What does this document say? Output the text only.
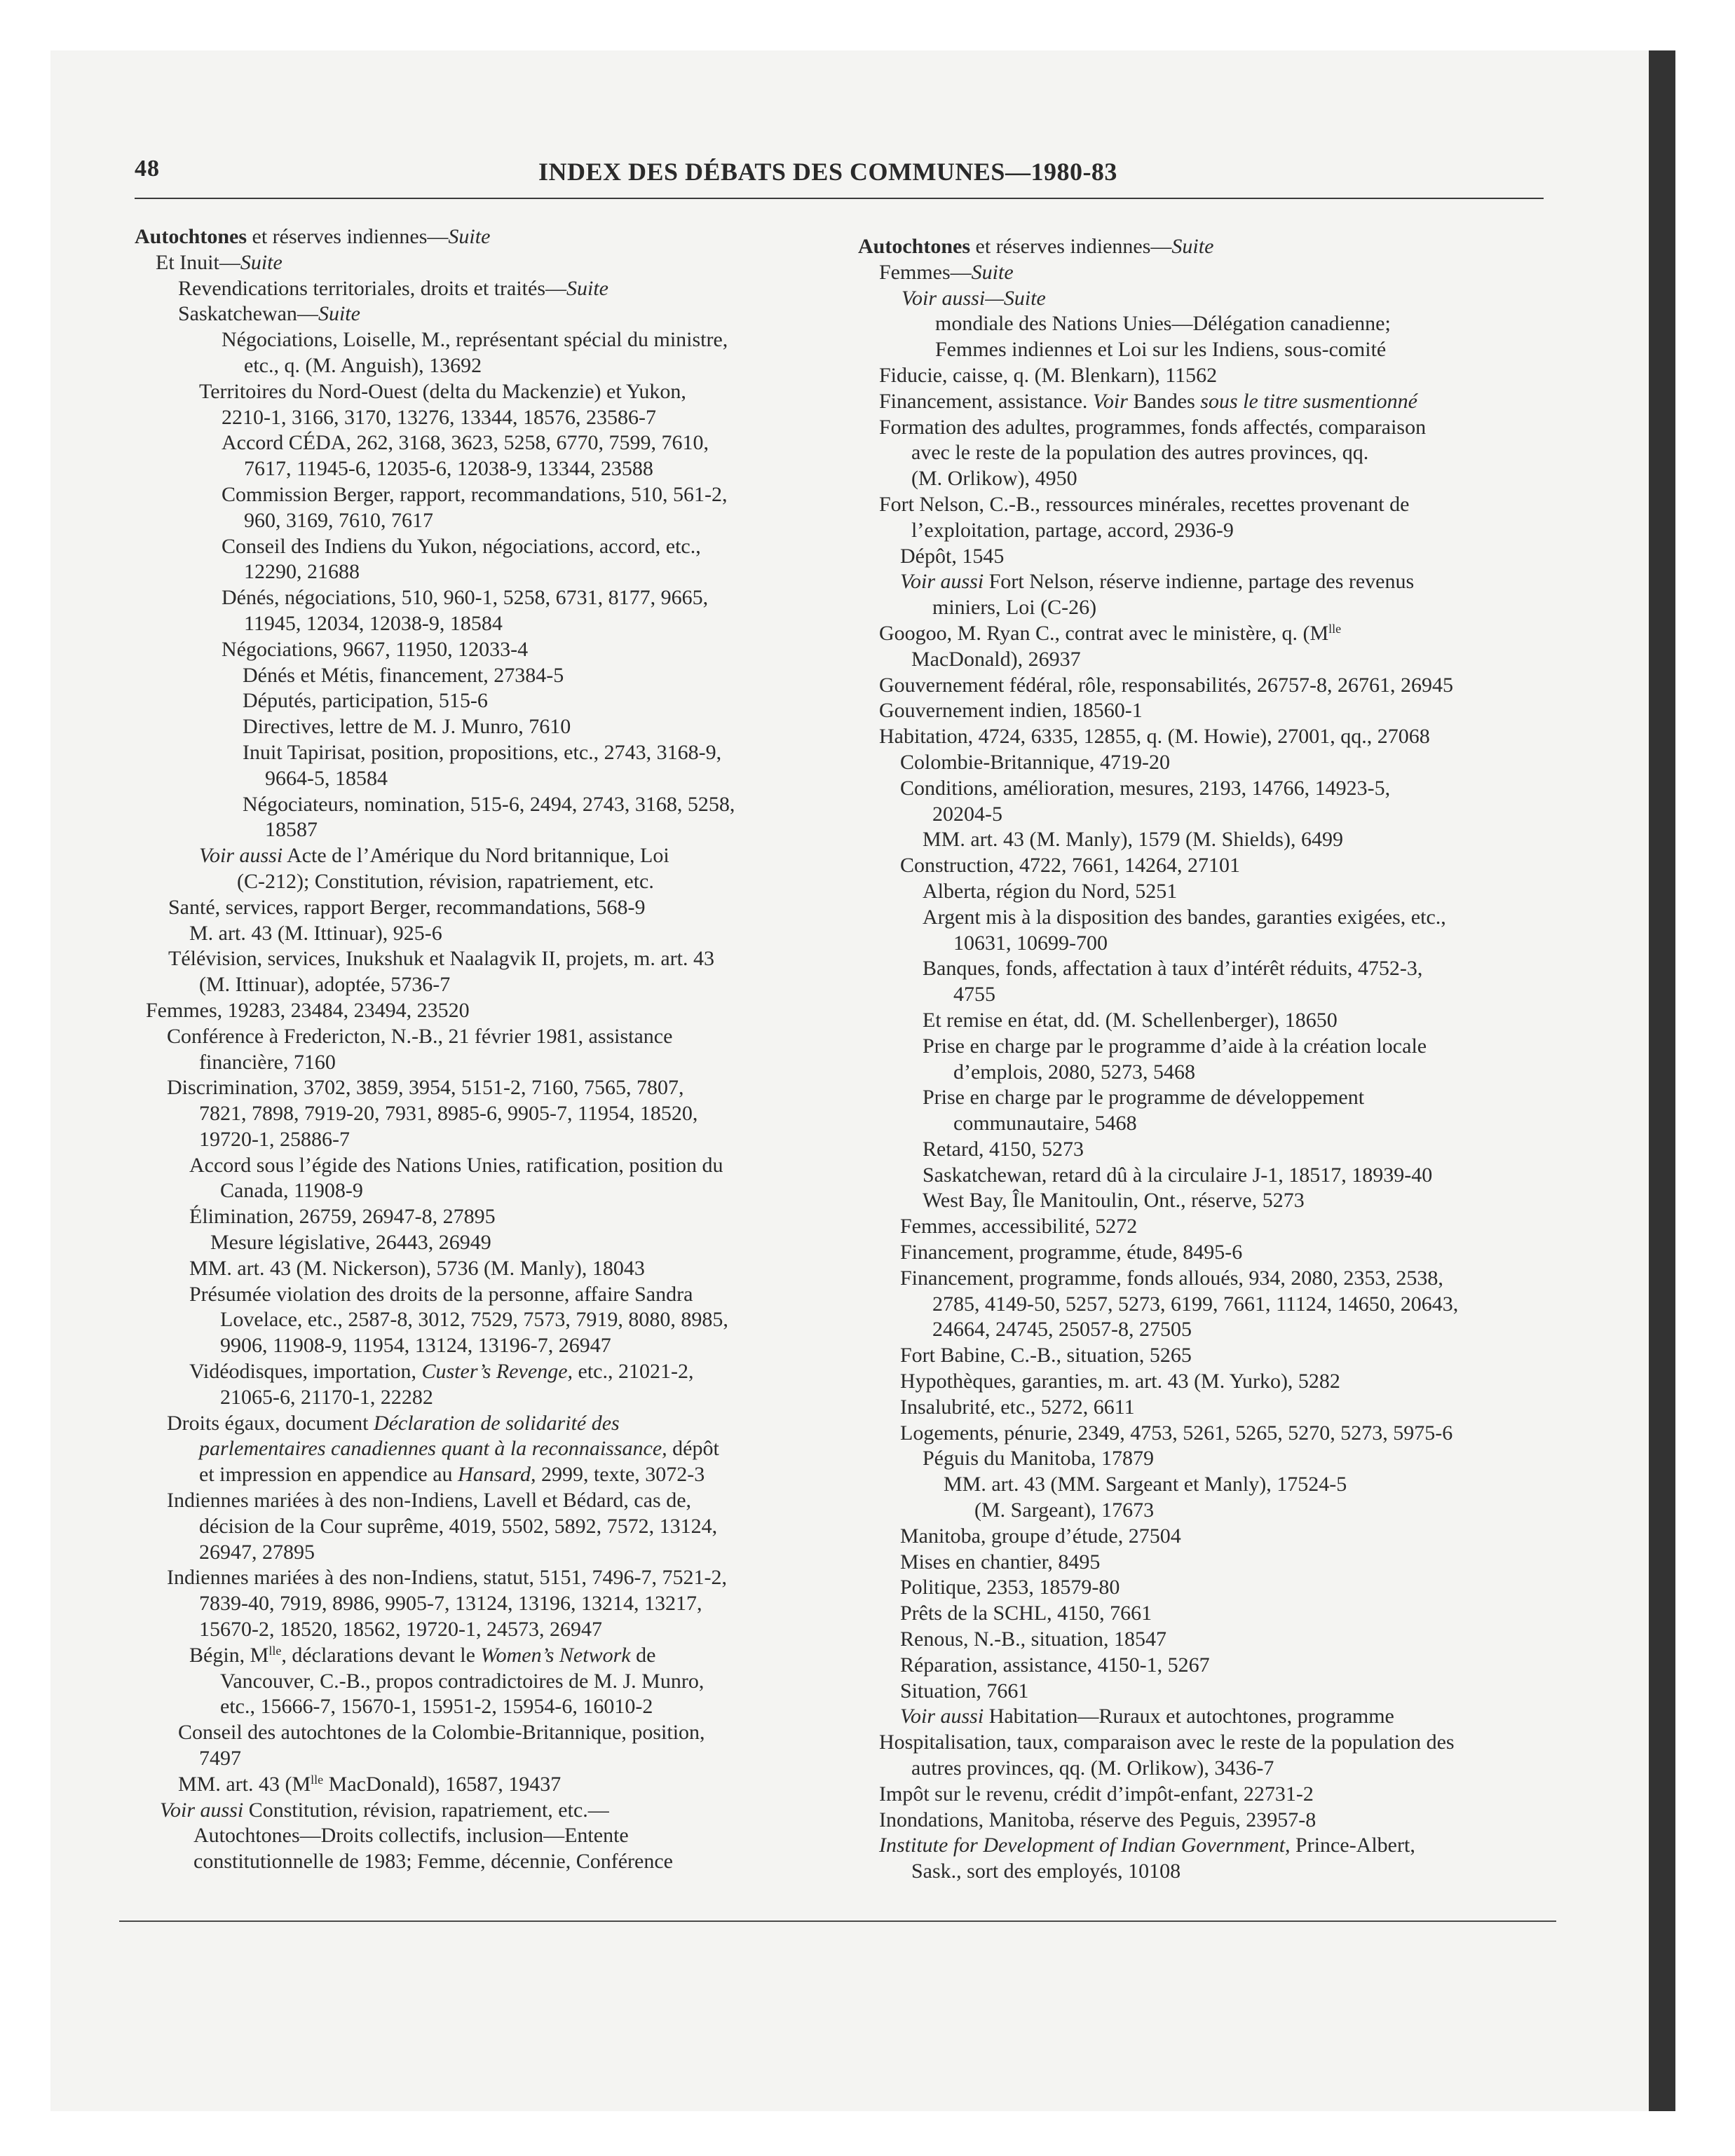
48	INDEX DES DÉBATS DES COMMUNES—1980-83

Autochtones et réserves indiennes—Suite

Et Inuit—Suite

Revendications territoriales, droits et traités—Suite

Saskatchewan—Suite

Négociations, Loiselle, M., représentant spécial du ministre,

etc., q. (M. Anguish), 13692

Territoires du Nord-Ouest (delta du Mackenzie) et Yukon,

2210-1, 3166, 3170, 13276, 13344, 18576, 23586-7

Accord CÉDA, 262, 3168, 3623, 5258, 6770, 7599, 7610,

7617, 11945-6, 12035-6, 12038-9, 13344, 23588

Commission Berger, rapport, recommandations, 510, 561-2,

960, 3169, 7610, 7617

Conseil des Indiens du Yukon, négociations, accord, etc.,

12290, 21688

Dénés, négociations, 510, 960-1, 5258, 6731, 8177, 9665,

11945, 12034, 12038-9, 18584

Négociations, 9667, 11950, 12033-4

Dénés et Métis, financement, 27384-5

Députés, participation, 515-6

Directives, lettre de M. J. Munro, 7610

Inuit Tapirisat, position, propositions, etc., 2743, 3168-9,

9664-5, 18584

Négociateurs, nomination, 515-6, 2494, 2743, 3168, 5258,

18587

Voir aussi Acte de l’Amérique du Nord britannique, Loi

(C-212); Constitution, révision, rapatriement, etc.

Santé, services, rapport Berger, recommandations, 568-9

M. art. 43 (M. Ittinuar), 925-6

Télévision, services, Inukshuk et Naalagvik II, projets, m. art. 43

(M. Ittinuar), adoptée, 5736-7

Femmes, 19283, 23484, 23494, 23520

Conférence à Fredericton, N.-B., 21 février 1981, assistance

financière, 7160

Discrimination, 3702, 3859, 3954, 5151-2, 7160, 7565, 7807,

7821, 7898, 7919-20, 7931, 8985-6, 9905-7, 11954, 18520,

19720-1, 25886-7

Accord sous l’égide des Nations Unies, ratification, position du

Canada, 11908-9

Élimination, 26759, 26947-8, 27895

Mesure législative, 26443, 26949

MM. art. 43 (M. Nickerson), 5736 (M. Manly), 18043

Présumée violation des droits de la personne, affaire Sandra

Lovelace, etc., 2587-8, 3012, 7529, 7573, 7919, 8080, 8985,

9906, 11908-9, 11954, 13124, 13196-7, 26947

Vidéodisques, importation, Custer’s Revenge, etc., 21021-2,

21065-6, 21170-1, 22282

Droits égaux, document Déclaration de solidarité des

parlementaires canadiennes quant à la reconnaissance, dépôt

et impression en appendice au Hansard, 2999, texte, 3072-3

Indiennes mariées à des non-Indiens, Lavell et Bédard, cas de,

décision de la Cour suprême, 4019, 5502, 5892, 7572, 13124,

26947, 27895

Indiennes mariées à des non-Indiens, statut, 5151, 7496-7, 7521-2,

7839-40, 7919, 8986, 9905-7, 13124, 13196, 13214, 13217,

15670-2, 18520, 18562, 19720-1, 24573, 26947

Bégin, $M^{lle}$, déclarations devant le Women’s Network de

Vancouver, C.-B., propos contradictoires de M. J. Munro,

etc., 15666-7, 15670-1, 15951-2, 15954-6, 16010-2

Conseil des autochtones de la Colombie-Britannique, position,

7497

MM. art. 43 ($M^{lle}$ MacDonald), 16587, 19437

Voir aussi Constitution, révision, rapatriement, etc.—

Autochtones—Droits collectifs, inclusion—Entente

constitutionnelle de 1983; Femme, décennie, Conférence

Autochtones et réserves indiennes—Suite

Femmes—Suite

Voir aussi—Suite

mondiale des Nations Unies—Délégation canadienne;

Femmes indiennes et Loi sur les Indiens, sous-comité

Fiducie, caisse, q. (M. Blenkarn), 11562

Financement, assistance. Voir Bandes sous le titre susmentionné

Formation des adultes, programmes, fonds affectés, comparaison

avec le reste de la population des autres provinces, qq.

(M. Orlikow), 4950

Fort Nelson, C.-B., ressources minérales, recettes provenant de

l’exploitation, partage, accord, 2936-9

Dépôt, 1545

Voir aussi Fort Nelson, réserve indienne, partage des revenus

miniers, Loi (C-26)

Googoo, M. Ryan C., contrat avec le ministère, q. ($M^{lle}$

MacDonald), 26937

Gouvernement fédéral, rôle, responsabilités, 26757-8, 26761, 26945

Gouvernement indien, 18560-1

Habitation, 4724, 6335, 12855, q. (M. Howie), 27001, qq., 27068

Colombie-Britannique, 4719-20

Conditions, amélioration, mesures, 2193, 14766, 14923-5,

20204-5

MM. art. 43 (M. Manly), 1579 (M. Shields), 6499

Construction, 4722, 7661, 14264, 27101

Alberta, région du Nord, 5251

Argent mis à la disposition des bandes, garanties exigées, etc.,

10631, 10699-700

Banques, fonds, affectation à taux d’intérêt réduits, 4752-3,

4755

Et remise en état, dd. (M. Schellenberger), 18650

Prise en charge par le programme d’aide à la création locale

d’emplois, 2080, 5273, 5468

Prise en charge par le programme de développement

communautaire, 5468

Retard, 4150, 5273

Saskatchewan, retard dû à la circulaire J-1, 18517, 18939-40

West Bay, Île Manitoulin, Ont., réserve, 5273

Femmes, accessibilité, 5272

Financement, programme, étude, 8495-6

Financement, programme, fonds alloués, 934, 2080, 2353, 2538,

2785, 4149-50, 5257, 5273, 6199, 7661, 11124, 14650, 20643,

24664, 24745, 25057-8, 27505

Fort Babine, C.-B., situation, 5265

Hypothèques, garanties, m. art. 43 (M. Yurko), 5282

Insalubrité, etc., 5272, 6611

Logements, pénurie, 2349, 4753, 5261, 5265, 5270, 5273, 5975-6

Péguis du Manitoba, 17879

MM. art. 43 (MM. Sargeant et Manly), 17524-5

(M. Sargeant), 17673

Manitoba, groupe d’étude, 27504

Mises en chantier, 8495

Politique, 2353, 18579-80

Prêts de la SCHL, 4150, 7661

Renous, N.-B., situation, 18547

Réparation, assistance, 4150-1, 5267

Situation, 7661

Voir aussi Habitation—Ruraux et autochtones, programme

Hospitalisation, taux, comparaison avec le reste de la population des

autres provinces, qq. (M. Orlikow), 3436-7

Impôt sur le revenu, crédit d’impôt-enfant, 22731-2

Inondations, Manitoba, réserve des Peguis, 23957-8

Institute for Development of Indian Government, Prince-Albert,

Sask., sort des employés, 10108
